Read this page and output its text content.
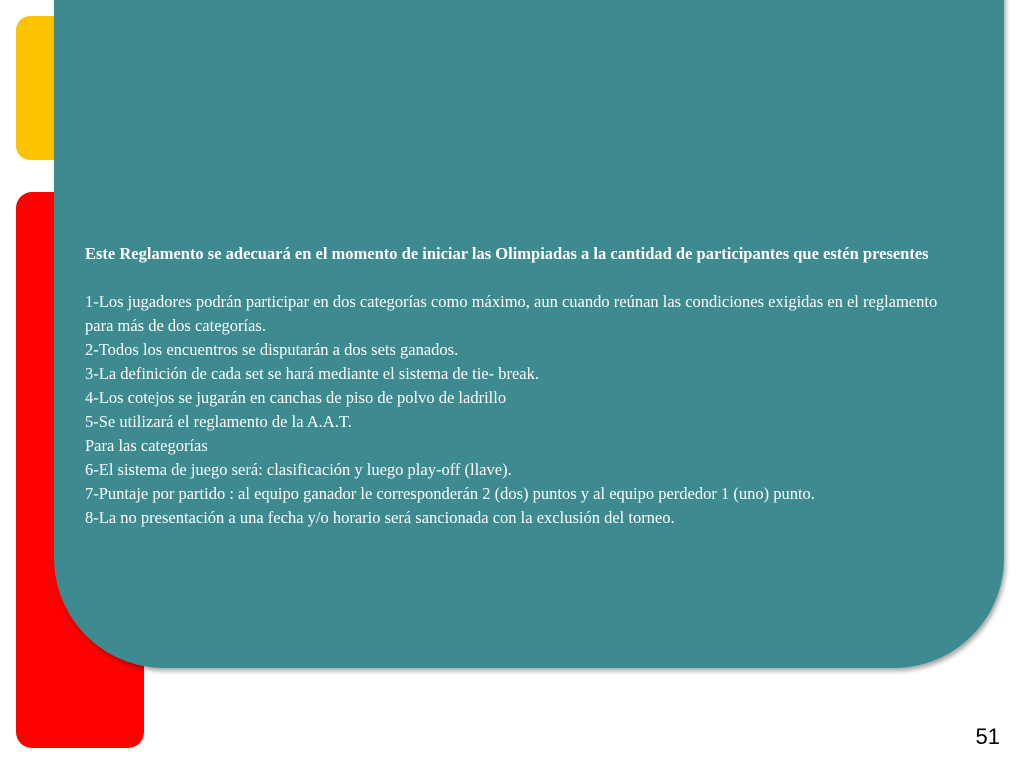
Este Reglamento se adecuará en el momento de iniciar las Olimpiadas a la cantidad de participantes que estén presentes

1-Los jugadores podrán participar en dos categorías como máximo, aun cuando reúnan las condiciones exigidas en el reglamento para más de dos categorías.
2-Todos los encuentros se disputarán a dos sets ganados.
3-La definición de cada set se hará mediante el sistema de tie- break.
4-Los cotejos se jugarán en canchas de piso de polvo de ladrillo
5-Se utilizará el reglamento de la A.A.T.
Para las categorías
6-El sistema de juego será: clasificación y luego play-off (llave).
7-Puntaje por partido : al equipo ganador le corresponderán 2 (dos) puntos y al equipo perdedor 1 (uno) punto.
8-La no presentación a una fecha y/o horario será sancionada con la exclusión del torneo.
51
